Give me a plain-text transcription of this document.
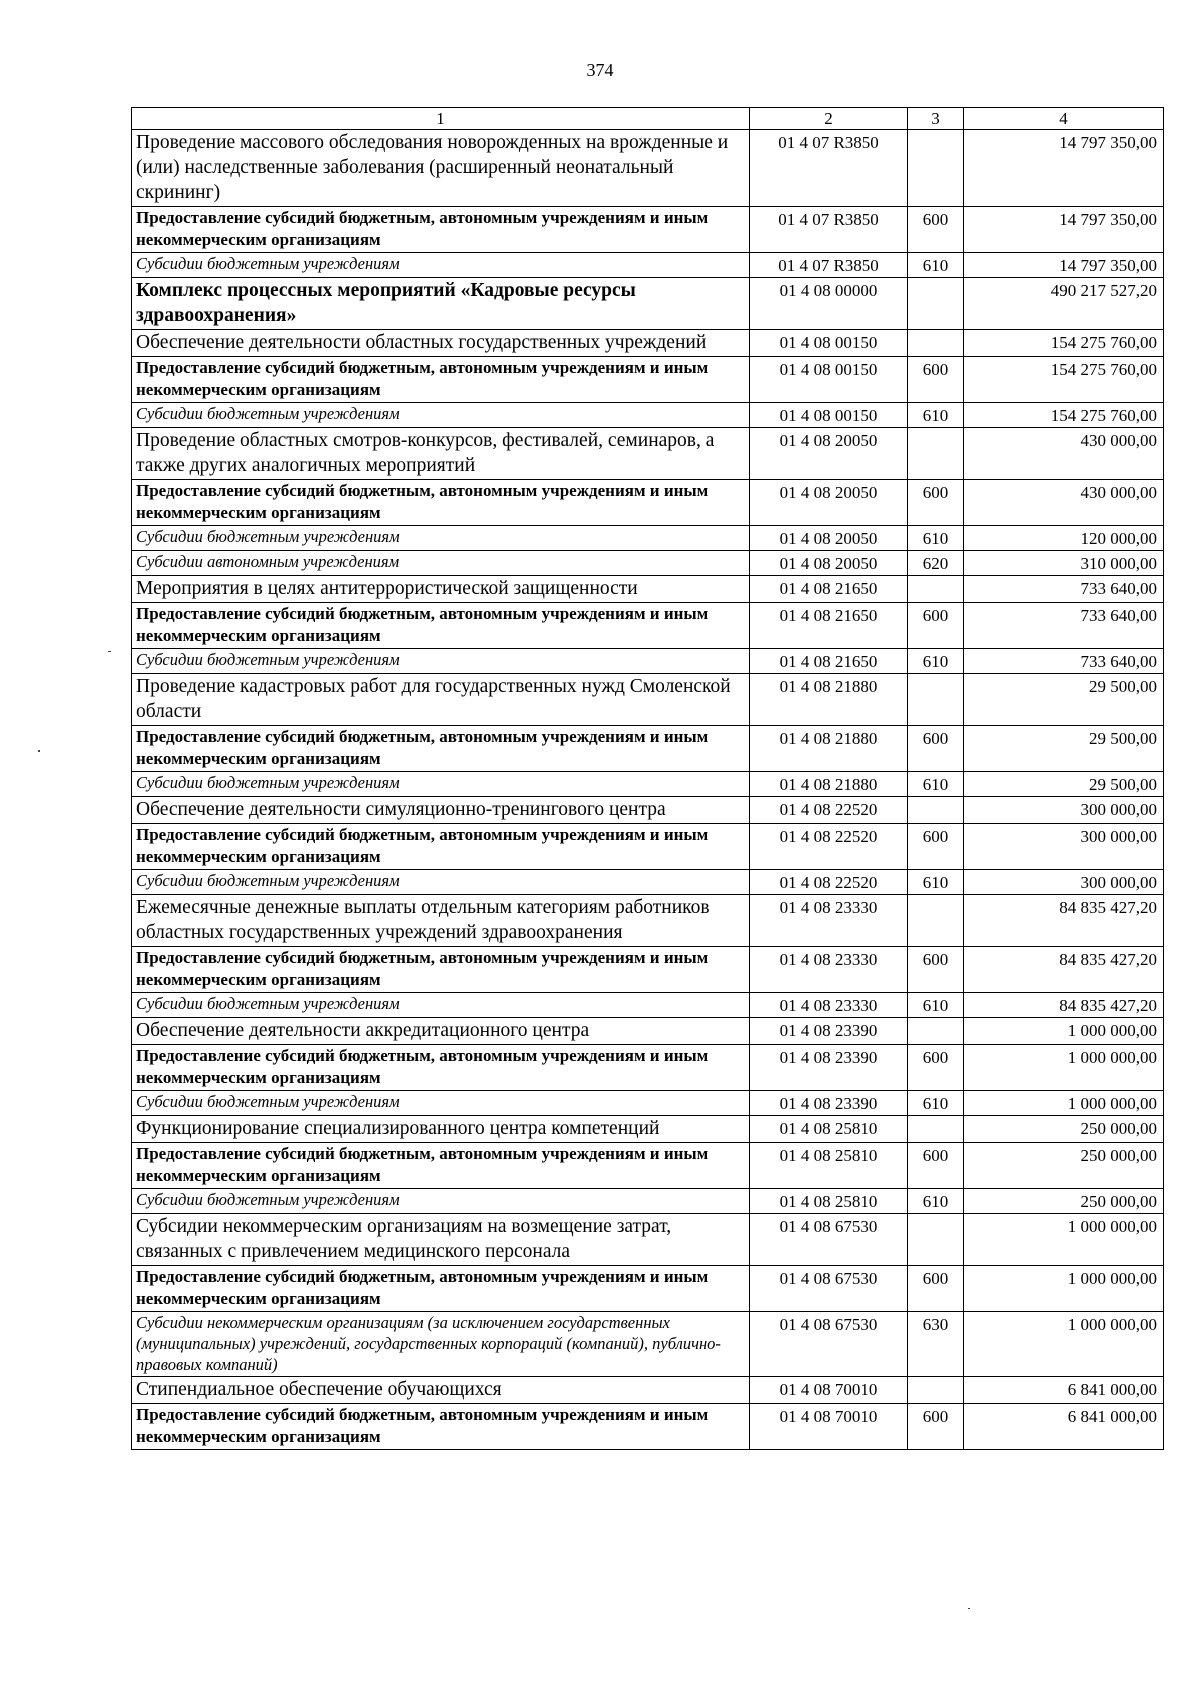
374
1	2	3	4
Проведение массового обследования новорожденных на врожденные и (или) наследственные заболевания (расширенный неонатальный скрининг)	01 4 07 R3850		14 797 350,00
Предоставление субсидий бюджетным, автономным учреждениям и иным некоммерческим организациям	01 4 07 R3850	600	14 797 350,00
Субсидии бюджетным учреждениям	01 4 07 R3850	610	14 797 350,00
Комплекс процессных мероприятий «Кадровые ресурсы здравоохранения»	01 4 08 00000		490 217 527,20
Обеспечение деятельности областных государственных учреждений	01 4 08 00150		154 275 760,00
Предоставление субсидий бюджетным, автономным учреждениям и иным некоммерческим организациям	01 4 08 00150	600	154 275 760,00
Субсидии бюджетным учреждениям	01 4 08 00150	610	154 275 760,00
Проведение областных смотров-конкурсов, фестивалей, семинаров, а также других аналогичных мероприятий	01 4 08 20050		430 000,00
Предоставление субсидий бюджетным, автономным учреждениям и иным некоммерческим организациям	01 4 08 20050	600	430 000,00
Субсидии бюджетным учреждениям	01 4 08 20050	610	120 000,00
Субсидии автономным учреждениям	01 4 08 20050	620	310 000,00
Мероприятия в целях антитеррористической защищенности	01 4 08 21650		733 640,00
Предоставление субсидий бюджетным, автономным учреждениям и иным некоммерческим организациям	01 4 08 21650	600	733 640,00
Субсидии бюджетным учреждениям	01 4 08 21650	610	733 640,00
Проведение кадастровых работ для государственных нужд Смоленской области	01 4 08 21880		29 500,00
Предоставление субсидий бюджетным, автономным учреждениям и иным некоммерческим организациям	01 4 08 21880	600	29 500,00
Субсидии бюджетным учреждениям	01 4 08 21880	610	29 500,00
Обеспечение деятельности симуляционно-тренингового центра	01 4 08 22520		300 000,00
Предоставление субсидий бюджетным, автономным учреждениям и иным некоммерческим организациям	01 4 08 22520	600	300 000,00
Субсидии бюджетным учреждениям	01 4 08 22520	610	300 000,00
Ежемесячные денежные выплаты отдельным категориям работников областных государственных учреждений здравоохранения	01 4 08 23330		84 835 427,20
Предоставление субсидий бюджетным, автономным учреждениям и иным некоммерческим организациям	01 4 08 23330	600	84 835 427,20
Субсидии бюджетным учреждениям	01 4 08 23330	610	84 835 427,20
Обеспечение деятельности аккредитационного центра	01 4 08 23390		1 000 000,00
Предоставление субсидий бюджетным, автономным учреждениям и иным некоммерческим организациям	01 4 08 23390	600	1 000 000,00
Субсидии бюджетным учреждениям	01 4 08 23390	610	1 000 000,00
Функционирование специализированного центра компетенций	01 4 08 25810		250 000,00
Предоставление субсидий бюджетным, автономным учреждениям и иным некоммерческим организациям	01 4 08 25810	600	250 000,00
Субсидии бюджетным учреждениям	01 4 08 25810	610	250 000,00
Субсидии некоммерческим организациям на возмещение затрат, связанных с привлечением медицинского персонала	01 4 08 67530		1 000 000,00
Предоставление субсидий бюджетным, автономным учреждениям и иным некоммерческим организациям	01 4 08 67530	600	1 000 000,00
Субсидии некоммерческим организациям (за исключением государственных (муниципальных) учреждений, государственных корпораций (компаний), публично-правовых компаний)	01 4 08 67530	630	1 000 000,00
Стипендиальное обеспечение обучающихся	01 4 08 70010		6 841 000,00
Предоставление субсидий бюджетным, автономным учреждениям и иным некоммерческим организациям	01 4 08 70010	600	6 841 000,00
